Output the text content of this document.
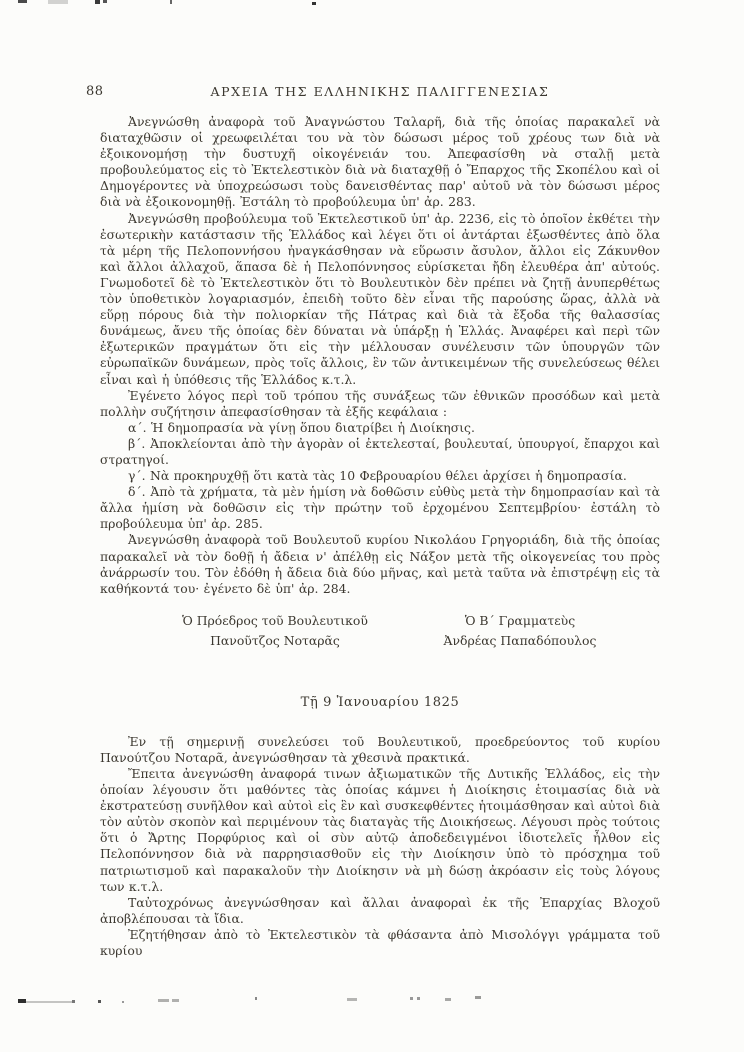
88	ΑΡΧΕΙΑ ΤΗΣ ΕΛΛΗΝΙΚΗΣ ΠΑΛΙΓΓΕΝΕΣΙΑΣ

Ἀνεγνώσθη ἀναφορὰ τοῦ Ἀναγνώστου Ταλαρῆ, διὰ τῆς ὁποίας παρακαλεῖ νὰ διαταχθῶσιν οἱ χρεωφειλέται του νὰ τὸν δώσωσι μέρος τοῦ χρέους των διὰ νὰ ἐξοικονομήσῃ τὴν δυστυχῆ οἰκογένειάν του. Ἀπεφασίσθη νὰ σταλῇ μετὰ προβουλεύματος εἰς τὸ Ἐκτελεστικὸν διὰ νὰ διαταχθῇ ὁ Ἔπαρχος τῆς Σκοπέλου καὶ οἱ Δημογέροντες νὰ ὑποχρεώσωσι τοὺς δανεισθέντας παρ' αὐτοῦ νὰ τὸν δώσωσι μέρος διὰ νὰ ἐξοικονομηθῇ. Ἐστάλη τὸ προβούλευμα ὑπ' ἀρ. 283.

Ἀνεγνώσθη προβούλευμα τοῦ Ἐκτελεστικοῦ ὑπ' ἀρ. 2236, εἰς τὸ ὁποῖον ἐκθέτει τὴν ἐσωτερικὴν κατάστασιν τῆς Ἑλλάδος καὶ λέγει ὅτι οἱ ἀντάρται ἐξωσθέντες ἀπὸ ὅλα τὰ μέρη τῆς Πελοποννήσου ἠναγκάσθησαν νὰ εὕρωσιν ἄσυλον, ἄλλοι εἰς Ζάκυνθον καὶ ἄλλοι ἀλλαχοῦ, ἅπασα δὲ ἡ Πελοπόννησος εὑρίσκεται ἤδη ἐλευθέρα ἀπ' αὐτούς. Γνωμοδοτεῖ δὲ τὸ Ἐκτελεστικὸν ὅτι τὸ Βουλευτικὸν δὲν πρέπει νὰ ζητῇ ἀνυπερθέτως τὸν ὑποθετικὸν λογαριασμόν, ἐπειδὴ τοῦτο δὲν εἶναι τῆς παρούσης ὥρας, ἀλλὰ νὰ εὕρῃ πόρους διὰ τὴν πολιορκίαν τῆς Πάτρας καὶ διὰ τὰ ἔξοδα τῆς θαλασσίας δυνάμεως, ἄνευ τῆς ὁποίας δὲν δύναται νὰ ὑπάρξῃ ἡ Ἑλλάς. Ἀναφέρει καὶ περὶ τῶν ἐξωτερικῶν πραγμάτων ὅτι εἰς τὴν μέλλουσαν συνέλευσιν τῶν ὑπουργῶν τῶν εὐρωπαϊκῶν δυνάμεων, πρὸς τοῖς ἄλλοις, ἓν τῶν ἀντικειμένων τῆς συνελεύσεως θέλει εἶναι καὶ ἡ ὑπόθεσις τῆς Ἑλλάδος κ.τ.λ.

Ἐγένετο λόγος περὶ τοῦ τρόπου τῆς συνάξεως τῶν ἐθνικῶν προσόδων καὶ μετὰ πολλὴν συζήτησιν ἀπεφασίσθησαν τὰ ἑξῆς κεφάλαια :

α΄. Ἡ δημοπρασία νὰ γίνῃ ὅπου διατρίβει ἡ Διοίκησις.

β΄. Ἀποκλείονται ἀπὸ τὴν ἀγορὰν οἱ ἐκτελεσταί, βουλευταί, ὑπουργοί, ἔπαρχοι καὶ στρατηγοί.

γ΄. Νὰ προκηρυχθῇ ὅτι κατὰ τὰς 10 Φεβρουαρίου θέλει ἀρχίσει ἡ δημοπρασία.

δ΄. Ἀπὸ τὰ χρήματα, τὰ μὲν ἡμίση νὰ δοθῶσιν εὐθὺς μετὰ τὴν δημοπρασίαν καὶ τὰ ἄλλα ἡμίση νὰ δοθῶσιν εἰς τὴν πρώτην τοῦ ἐρχομένου Σεπτεμβρίου· ἐστάλη τὸ προβούλευμα ὑπ' ἀρ. 285.

Ἀνεγνώσθη ἀναφορὰ τοῦ Βουλευτοῦ κυρίου Νικολάου Γρηγοριάδη, διὰ τῆς ὁποίας παρακαλεῖ νὰ τὸν δοθῇ ἡ ἄδεια ν' ἀπέλθῃ εἰς Νάξον μετὰ τῆς οἰκογενείας του πρὸς ἀνάρρωσίν του. Τὸν ἐδόθη ἡ ἄδεια διὰ δύο μῆνας, καὶ μετὰ ταῦτα νὰ ἐπιστρέψῃ εἰς τὰ καθήκοντά του· ἐγένετο δὲ ὑπ' ἀρ. 284.

Ὁ Πρόεδρος τοῦ Βουλευτικοῦ
Πανοῦτζος Νοταρᾶς
Ὁ Β΄ Γραμματεὺς
Ἀνδρέας Παπαδόπουλος
Τῇ 9 Ἰανουαρίου 1825

Ἐν τῇ σημερινῇ συνελεύσει τοῦ Βουλευτικοῦ, προεδρεύοντος τοῦ κυρίου Πανούτζου Νοταρᾶ, ἀνεγνώσθησαν τὰ χθεσινὰ πρακτικά.

Ἔπειτα ἀνεγνώσθη ἀναφορά τινων ἀξιωματικῶν τῆς Δυτικῆς Ἑλλάδος, εἰς τὴν ὁποίαν λέγουσιν ὅτι μαθόντες τὰς ὁποίας κάμνει ἡ Διοίκησις ἑτοιμασίας διὰ νὰ ἐκστρατεύσῃ συνῆλθον καὶ αὐτοὶ εἰς ἓν καὶ συσκεφθέντες ἡτοιμάσθησαν καὶ αὐτοὶ διὰ τὸν αὐτὸν σκοπὸν καὶ περιμένουν τὰς διαταγὰς τῆς Διοικήσεως. Λέγουσι πρὸς τούτοις ὅτι ὁ Ἄρτης Πορφύριος καὶ οἱ σὺν αὐτῷ ἀποδεδειγμένοι ἰδιοτελεῖς ἦλθον εἰς Πελοπόννησον διὰ νὰ παρρησιασθοῦν εἰς τὴν Διοίκησιν ὑπὸ τὸ πρόσχημα τοῦ πατριωτισμοῦ καὶ παρακαλοῦν τὴν Διοίκησιν νὰ μὴ δώσῃ ἀκρόασιν εἰς τοὺς λόγους των κ.τ.λ.

Ταὐτοχρόνως ἀνεγνώσθησαν καὶ ἄλλαι ἀναφοραὶ ἐκ τῆς Ἐπαρχίας Βλοχοῦ ἀποβλέπουσαι τὰ ἴδια.

Ἐζητήθησαν ἀπὸ τὸ Ἐκτελεστικὸν τὰ φθάσαντα ἀπὸ Μισολόγγι γράμματα τοῦ κυρίου
